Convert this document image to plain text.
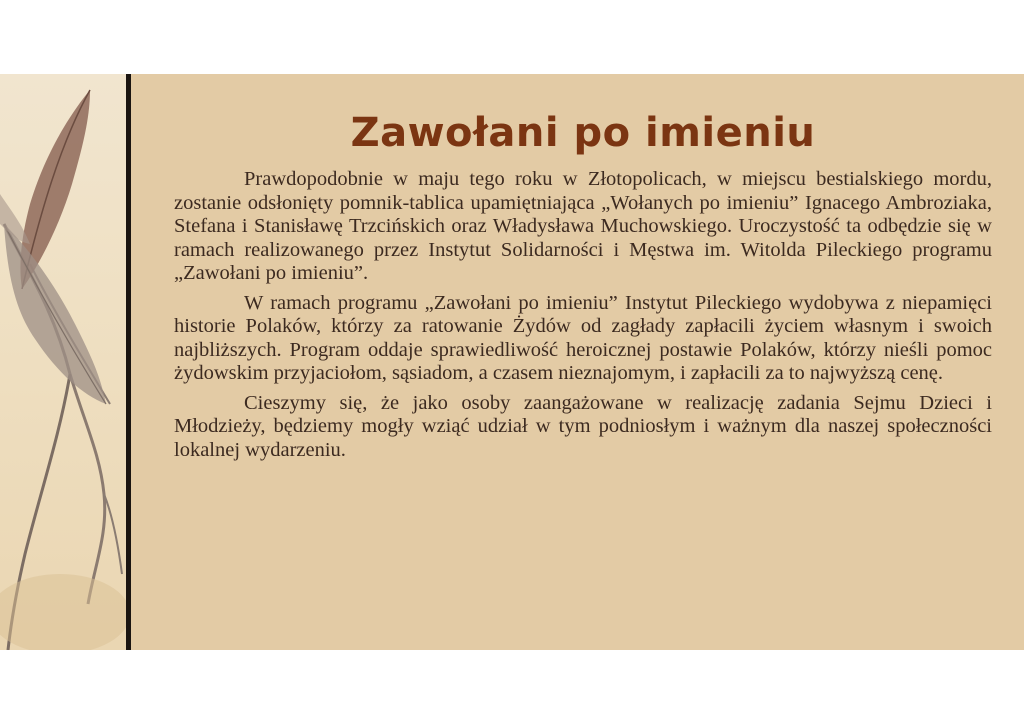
Zawołani po imieniu

Prawdopodobnie w maju tego roku w Złotopolicach, w miejscu bestialskiego mordu, zostanie odsłonięty pomnik-tablica upamiętniająca „Wołanych po imieniu” Ignacego Ambroziaka, Stefana i Stanisławę Trzcińskich oraz Władysława Muchowskiego. Uroczystość ta odbędzie się w ramach realizowanego przez Instytut Solidarności i Męstwa im. Witolda Pileckiego programu „Zawołani po imieniu”.

W ramach programu „Zawołani po imieniu” Instytut Pileckiego wydobywa z niepamięci historie Polaków, którzy za ratowanie Żydów od zagłady zapłacili życiem własnym i swoich najbliższych. Program oddaje sprawiedliwość heroicznej postawie Polaków, którzy nieśli pomoc żydowskim przyjaciołom, sąsiadom, a czasem nieznajomym, i zapłacili za to najwyższą cenę.

Cieszymy się, że jako osoby zaangażowane w realizację zadania Sejmu Dzieci i Młodzieży, będziemy mogły wziąć udział w tym podniosłym i ważnym dla naszej społeczności lokalnej wydarzeniu.
